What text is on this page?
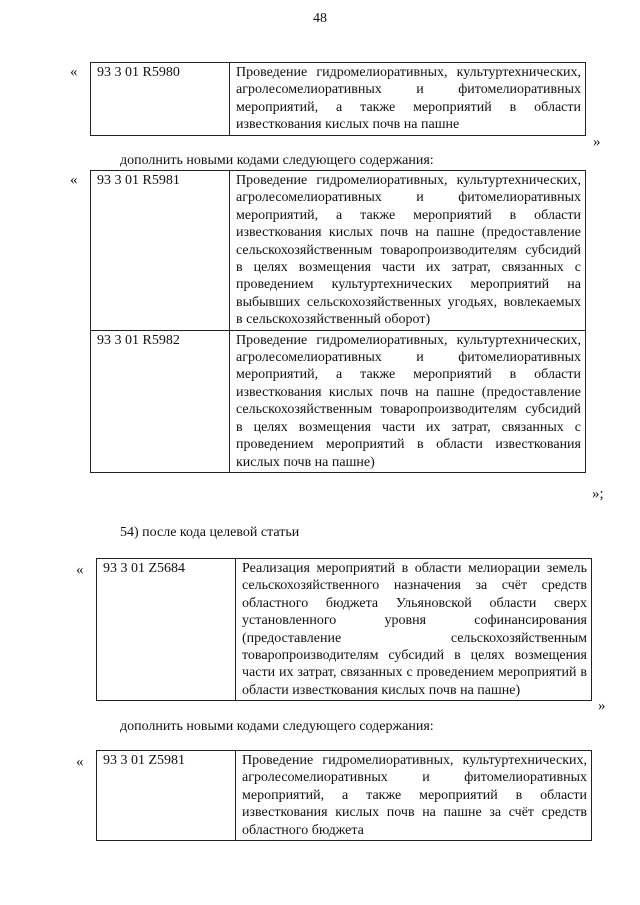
48
« 93 3 01 R5980	Проведение гидромелиоративных, культуртехнических, агролесомелиоративных и фитомелиоративных мероприятий, а также мероприятий в области известкования кислых почв на пашне
»
дополнить новыми кодами следующего содержания:
« 93 3 01 R5981	Проведение гидромелиоративных, культуртехнических, агролесомелиоративных и фитомелиоративных мероприятий, а также мероприятий в области известкования кислых почв на пашне (предоставление сельскохозяйственным товаропроизводителям субсидий в целях возмещения части их затрат, связанных с проведением культуртехнических мероприятий на выбывших сельскохозяйственных угодьях, вовлекаемых в сельскохозяйственный оборот)
93 3 01 R5982	Проведение гидромелиоративных, культуртехнических, агролесомелиоративных и фитомелиоративных мероприятий, а также мероприятий в области известкования кислых почв на пашне (предоставление сельскохозяйственным товаропроизводителям субсидий в целях возмещения части их затрат, связанных с проведением мероприятий в области известкования кислых почв на пашне)
»;
54) после кода целевой статьи
« 93 3 01 Z5684	Реализация мероприятий в области мелиорации земель сельскохозяйственного назначения за счёт средств областного бюджета Ульяновской области сверх установленного уровня софинансирования (предоставление сельскохозяйственным товаропроизводителям субсидий в целях возмещения части их затрат, связанных с проведением мероприятий в области известкования кислых почв на пашне)
»
дополнить новыми кодами следующего содержания:
« 93 3 01 Z5981	Проведение гидромелиоративных, культуртехнических, агролесомелиоративных и фитомелиоративных мероприятий, а также мероприятий в области известкования кислых почв на пашне за счёт средств областного бюджета
